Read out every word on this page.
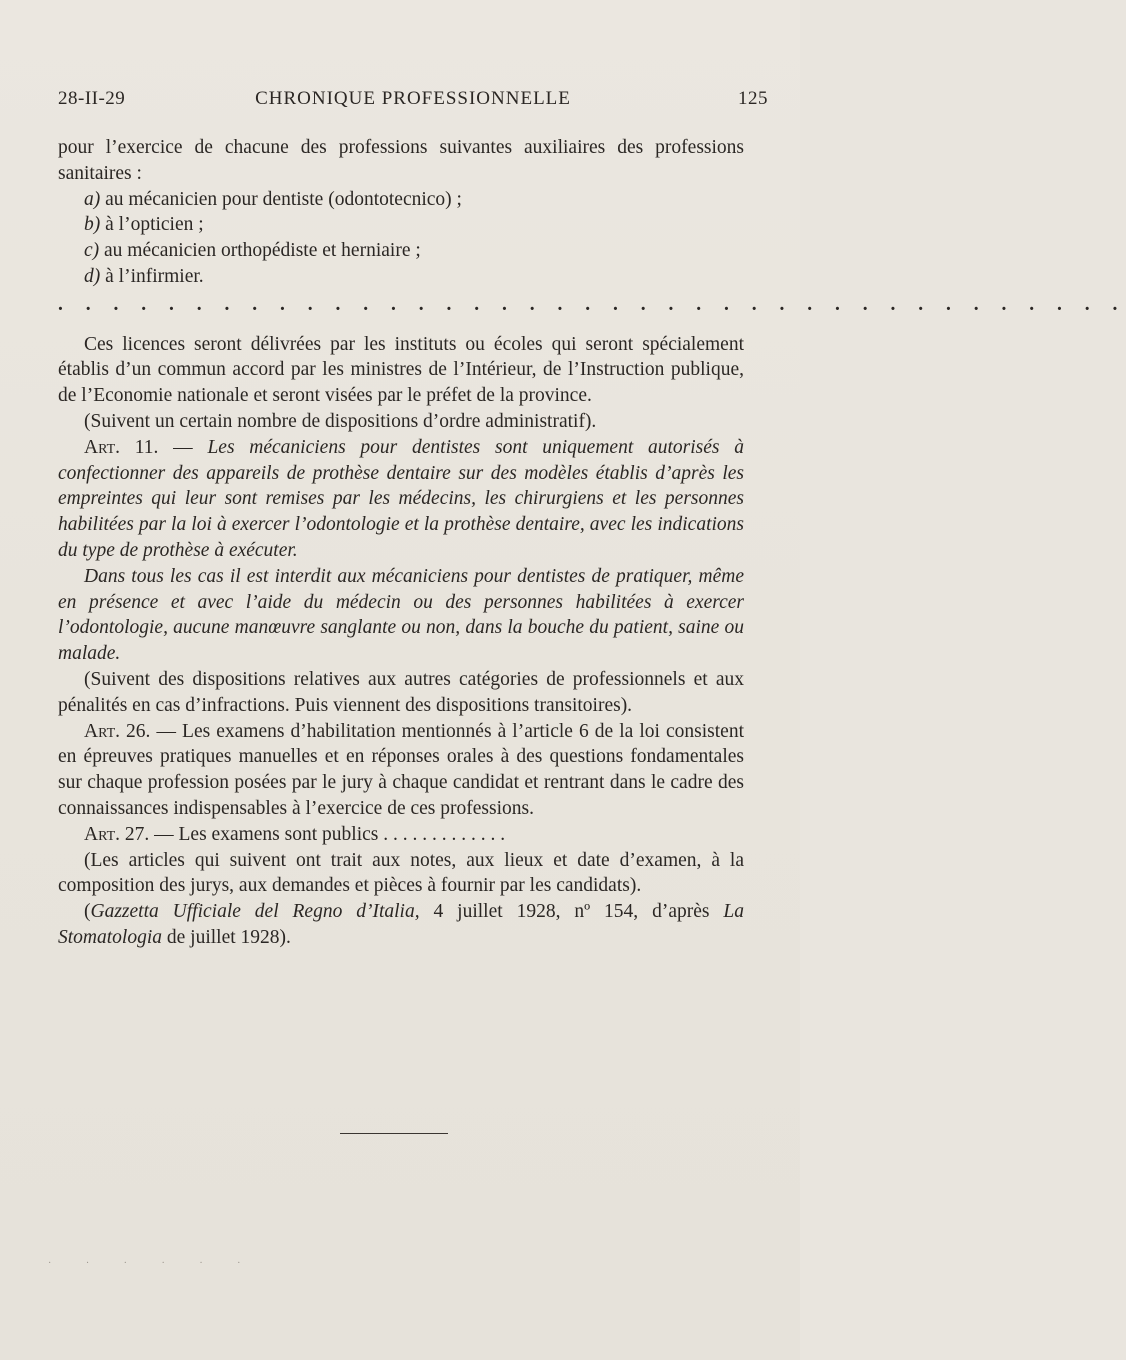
28-II-29	CHRONIQUE PROFESSIONNELLE	125

pour l’exercice de chacune des professions suivantes auxiliaires des professions sanitaires :

a) au mécanicien pour dentiste (odontotecnico) ;

b) à l’opticien ;

c) au mécanicien orthopédiste et herniaire ;

d) à l’infirmier.

. . . . . . . . . . . . . . . . . . . . . . . . . . . . . . . . . . . . . . .

Ces licences seront délivrées par les instituts ou écoles qui seront spécialement établis d’un commun accord par les ministres de l’Intérieur, de l’Instruction publique, de l’Economie nationale et seront visées par le préfet de la province.

(Suivent un certain nombre de dispositions d’ordre administratif).

Art. 11. — Les mécaniciens pour dentistes sont uniquement autorisés à confectionner des appareils de prothèse dentaire sur des modèles établis d’après les empreintes qui leur sont remises par les médecins, les chirurgiens et les personnes habilitées par la loi à exercer l’odontologie et la prothèse dentaire, avec les indications du type de prothèse à exécuter.

Dans tous les cas il est interdit aux mécaniciens pour dentistes de pratiquer, même en présence et avec l’aide du médecin ou des personnes habilitées à exercer l’odontologie, aucune manœuvre sanglante ou non, dans la bouche du patient, saine ou malade.

(Suivent des dispositions relatives aux autres catégories de professionnels et aux pénalités en cas d’infractions. Puis viennent des dispositions transitoires).

Art. 26. — Les examens d’habilitation mentionnés à l’article 6 de la loi consistent en épreuves pratiques manuelles et en réponses orales à des questions fondamentales sur chaque profession posées par le jury à chaque candidat et rentrant dans le cadre des connaissances indispensables à l’exercice de ces professions.

Art. 27. — Les examens sont publics . . . . . . . . . . . . .

(Les articles qui suivent ont trait aux notes, aux lieux et date d’examen, à la composition des jurys, aux demandes et pièces à fournir par les candidats).

(Gazzetta Ufficiale del Regno d’Italia, 4 juillet 1928, nº 154, d’après La Stomatologia de juillet 1928).

· · · · · ·
